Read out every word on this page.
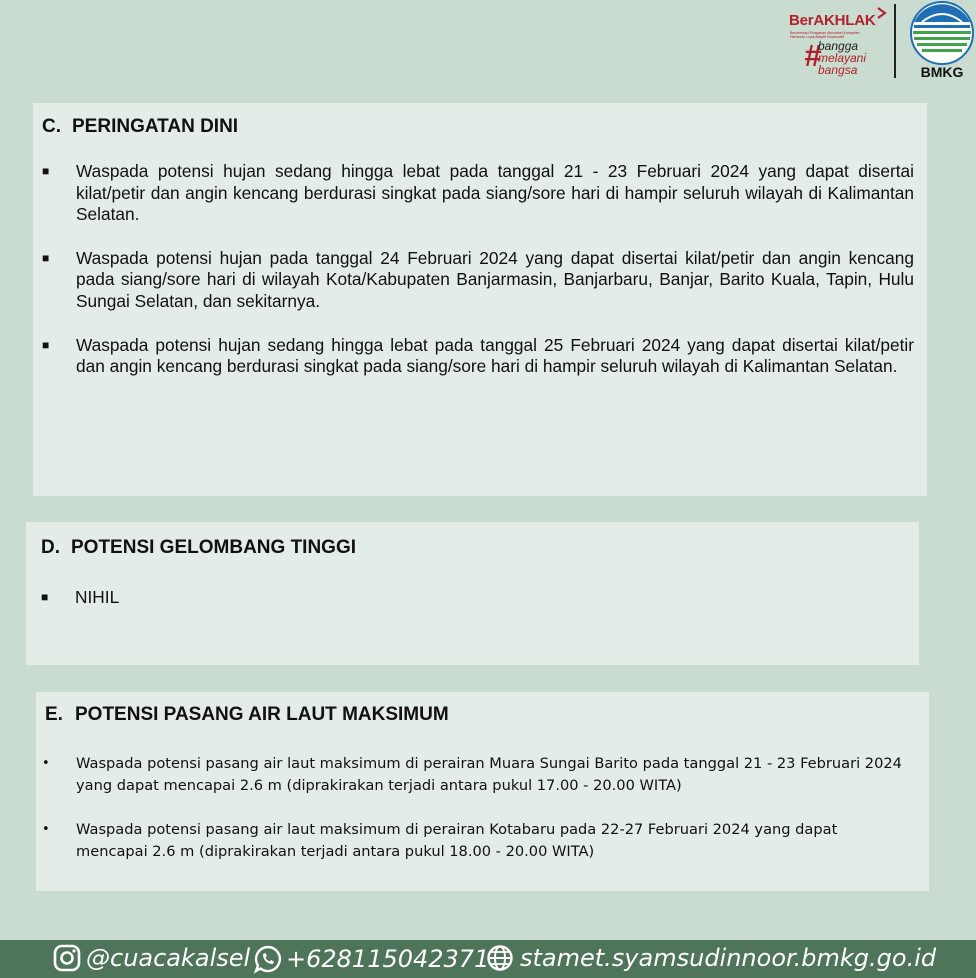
BerAKHLAK
Berorientasi Pelayanan Akuntabel Kompeten Harmonis Loyal Adaptif Kolaboratif
#
bangga
melayani
bangsa	BMKG
C. PERINGATAN DINI
■ Waspada potensi hujan sedang hingga lebat pada tanggal 21 - 23 Februari 2024 yang dapat disertai kilat/petir dan angin kencang berdurasi singkat pada siang/sore hari di hampir seluruh wilayah di Kalimantan Selatan.
■ Waspada potensi hujan pada tanggal 24 Februari 2024 yang dapat disertai kilat/petir dan angin kencang pada siang/sore hari di wilayah Kota/Kabupaten Banjarmasin, Banjarbaru, Banjar, Barito Kuala, Tapin, Hulu Sungai Selatan, dan sekitarnya.
■ Waspada potensi hujan sedang hingga lebat pada tanggal 25 Februari 2024 yang dapat disertai kilat/petir dan angin kencang berdurasi singkat pada siang/sore hari di hampir seluruh wilayah di Kalimantan Selatan.
D. POTENSI GELOMBANG TINGGI
■ NIHIL
E. POTENSI PASANG AIR LAUT MAKSIMUM
• Waspada potensi pasang air laut maksimum di perairan Muara Sungai Barito pada tanggal 21 - 23 Februari 2024 yang dapat mencapai 2.6 m (diprakirakan terjadi antara pukul 17.00 - 20.00 WITA)
• Waspada potensi pasang air laut maksimum di perairan Kotabaru pada 22-27 Februari 2024 yang dapat mencapai 2.6 m (diprakirakan terjadi antara pukul 18.00 - 20.00 WITA)
@cuacakalsel +628115042371 stamet.syamsudinnoor.bmkg.go.id
